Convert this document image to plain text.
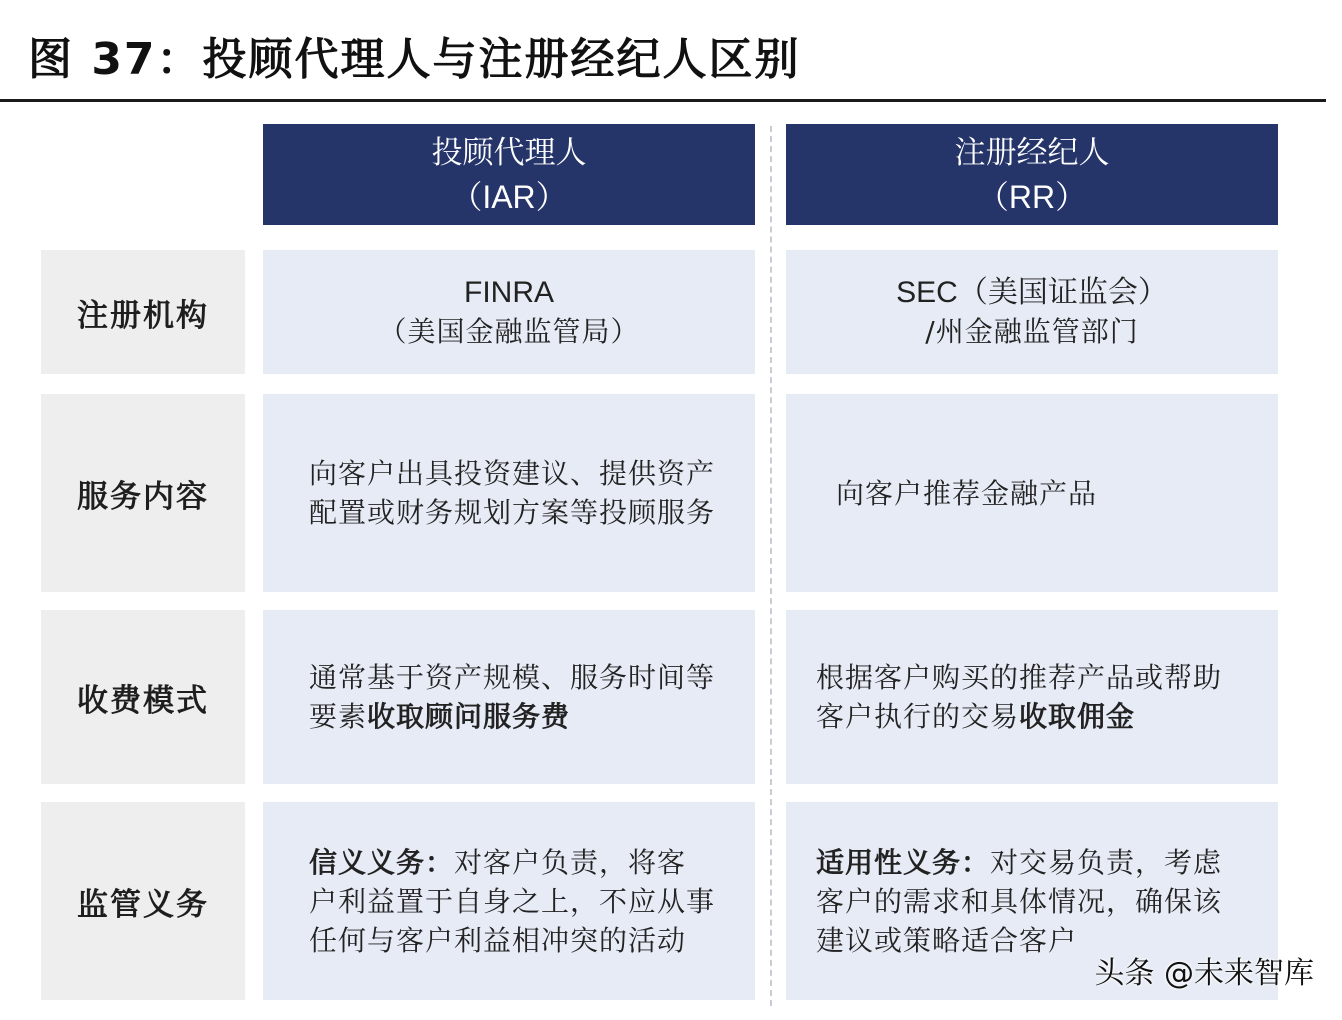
图 37：投顾代理人与注册经纪人区别
投顾代理人
（IAR）
注册经纪人
（RR）
注册机构
FINRA
（美国金融监管局）
SEC（美国证监会）
/州金融监管部门
服务内容
向客户出具投资建议、提供资产配置或财务规划方案等投顾服务
向客户推荐金融产品
收费模式
通常基于资产规模、服务时间等要素收取顾问服务费
根据客户购买的推荐产品或帮助客户执行的交易收取佣金
监管义务
信义义务：对客户负责，将客户利益置于自身之上，不应从事任何与客户利益相冲突的活动
适用性义务：对交易负责，考虑客户的需求和具体情况，确保该建议或策略适合客户
头条 @未来智库
